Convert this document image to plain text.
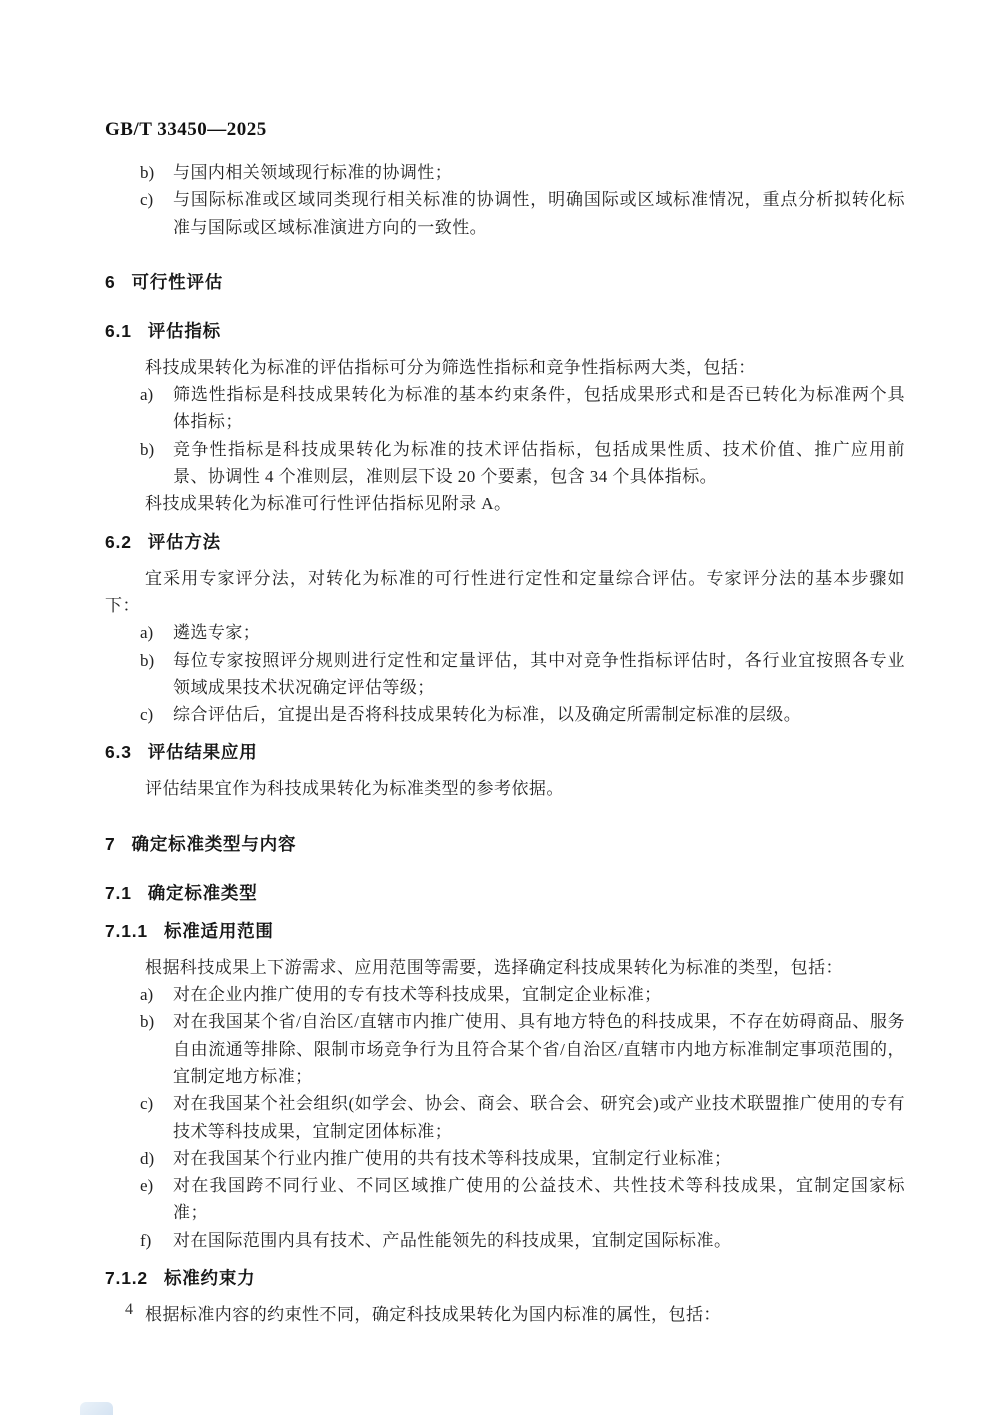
GB/T 33450—2025
b) 与国内相关领域现行标准的协调性；
c) 与国际标准或区域同类现行相关标准的协调性，明确国际或区域标准情况，重点分析拟转化标准与国际或区域标准演进方向的一致性。
6 可行性评估
6.1 评估指标

科技成果转化为标准的评估指标可分为筛选性指标和竞争性指标两大类，包括：

a) 筛选性指标是科技成果转化为标准的基本约束条件，包括成果形式和是否已转化为标准两个具体指标；
b) 竞争性指标是科技成果转化为标准的技术评估指标，包括成果性质、技术价值、推广应用前景、协调性 4 个准则层，准则层下设 20 个要素，包含 34 个具体指标。

科技成果转化为标准可行性评估指标见附录 A。

6.2 评估方法

宜采用专家评分法，对转化为标准的可行性进行定性和定量综合评估。专家评分法的基本步骤如下：

a) 遴选专家；
b) 每位专家按照评分规则进行定性和定量评估，其中对竞争性指标评估时，各行业宜按照各专业领域成果技术状况确定评估等级；
c) 综合评估后，宜提出是否将科技成果转化为标准，以及确定所需制定标准的层级。
6.3 评估结果应用

评估结果宜作为科技成果转化为标准类型的参考依据。

7 确定标准类型与内容
7.1 确定标准类型
7.1.1 标准适用范围

根据科技成果上下游需求、应用范围等需要，选择确定科技成果转化为标准的类型，包括：

a) 对在企业内推广使用的专有技术等科技成果，宜制定企业标准；
b) 对在我国某个省/自治区/直辖市内推广使用、具有地方特色的科技成果，不存在妨碍商品、服务自由流通等排除、限制市场竞争行为且符合某个省/自治区/直辖市内地方标准制定事项范围的，宜制定地方标准；
c) 对在我国某个社会组织(如学会、协会、商会、联合会、研究会)或产业技术联盟推广使用的专有技术等科技成果，宜制定团体标准；
d) 对在我国某个行业内推广使用的共有技术等科技成果，宜制定行业标准；
e) 对在我国跨不同行业、不同区域推广使用的公益技术、共性技术等科技成果，宜制定国家标准；
f) 对在国际范围内具有技术、产品性能领先的科技成果，宜制定国际标准。
7.1.2 标准约束力

根据标准内容的约束性不同，确定科技成果转化为国内标准的属性，包括：

4
